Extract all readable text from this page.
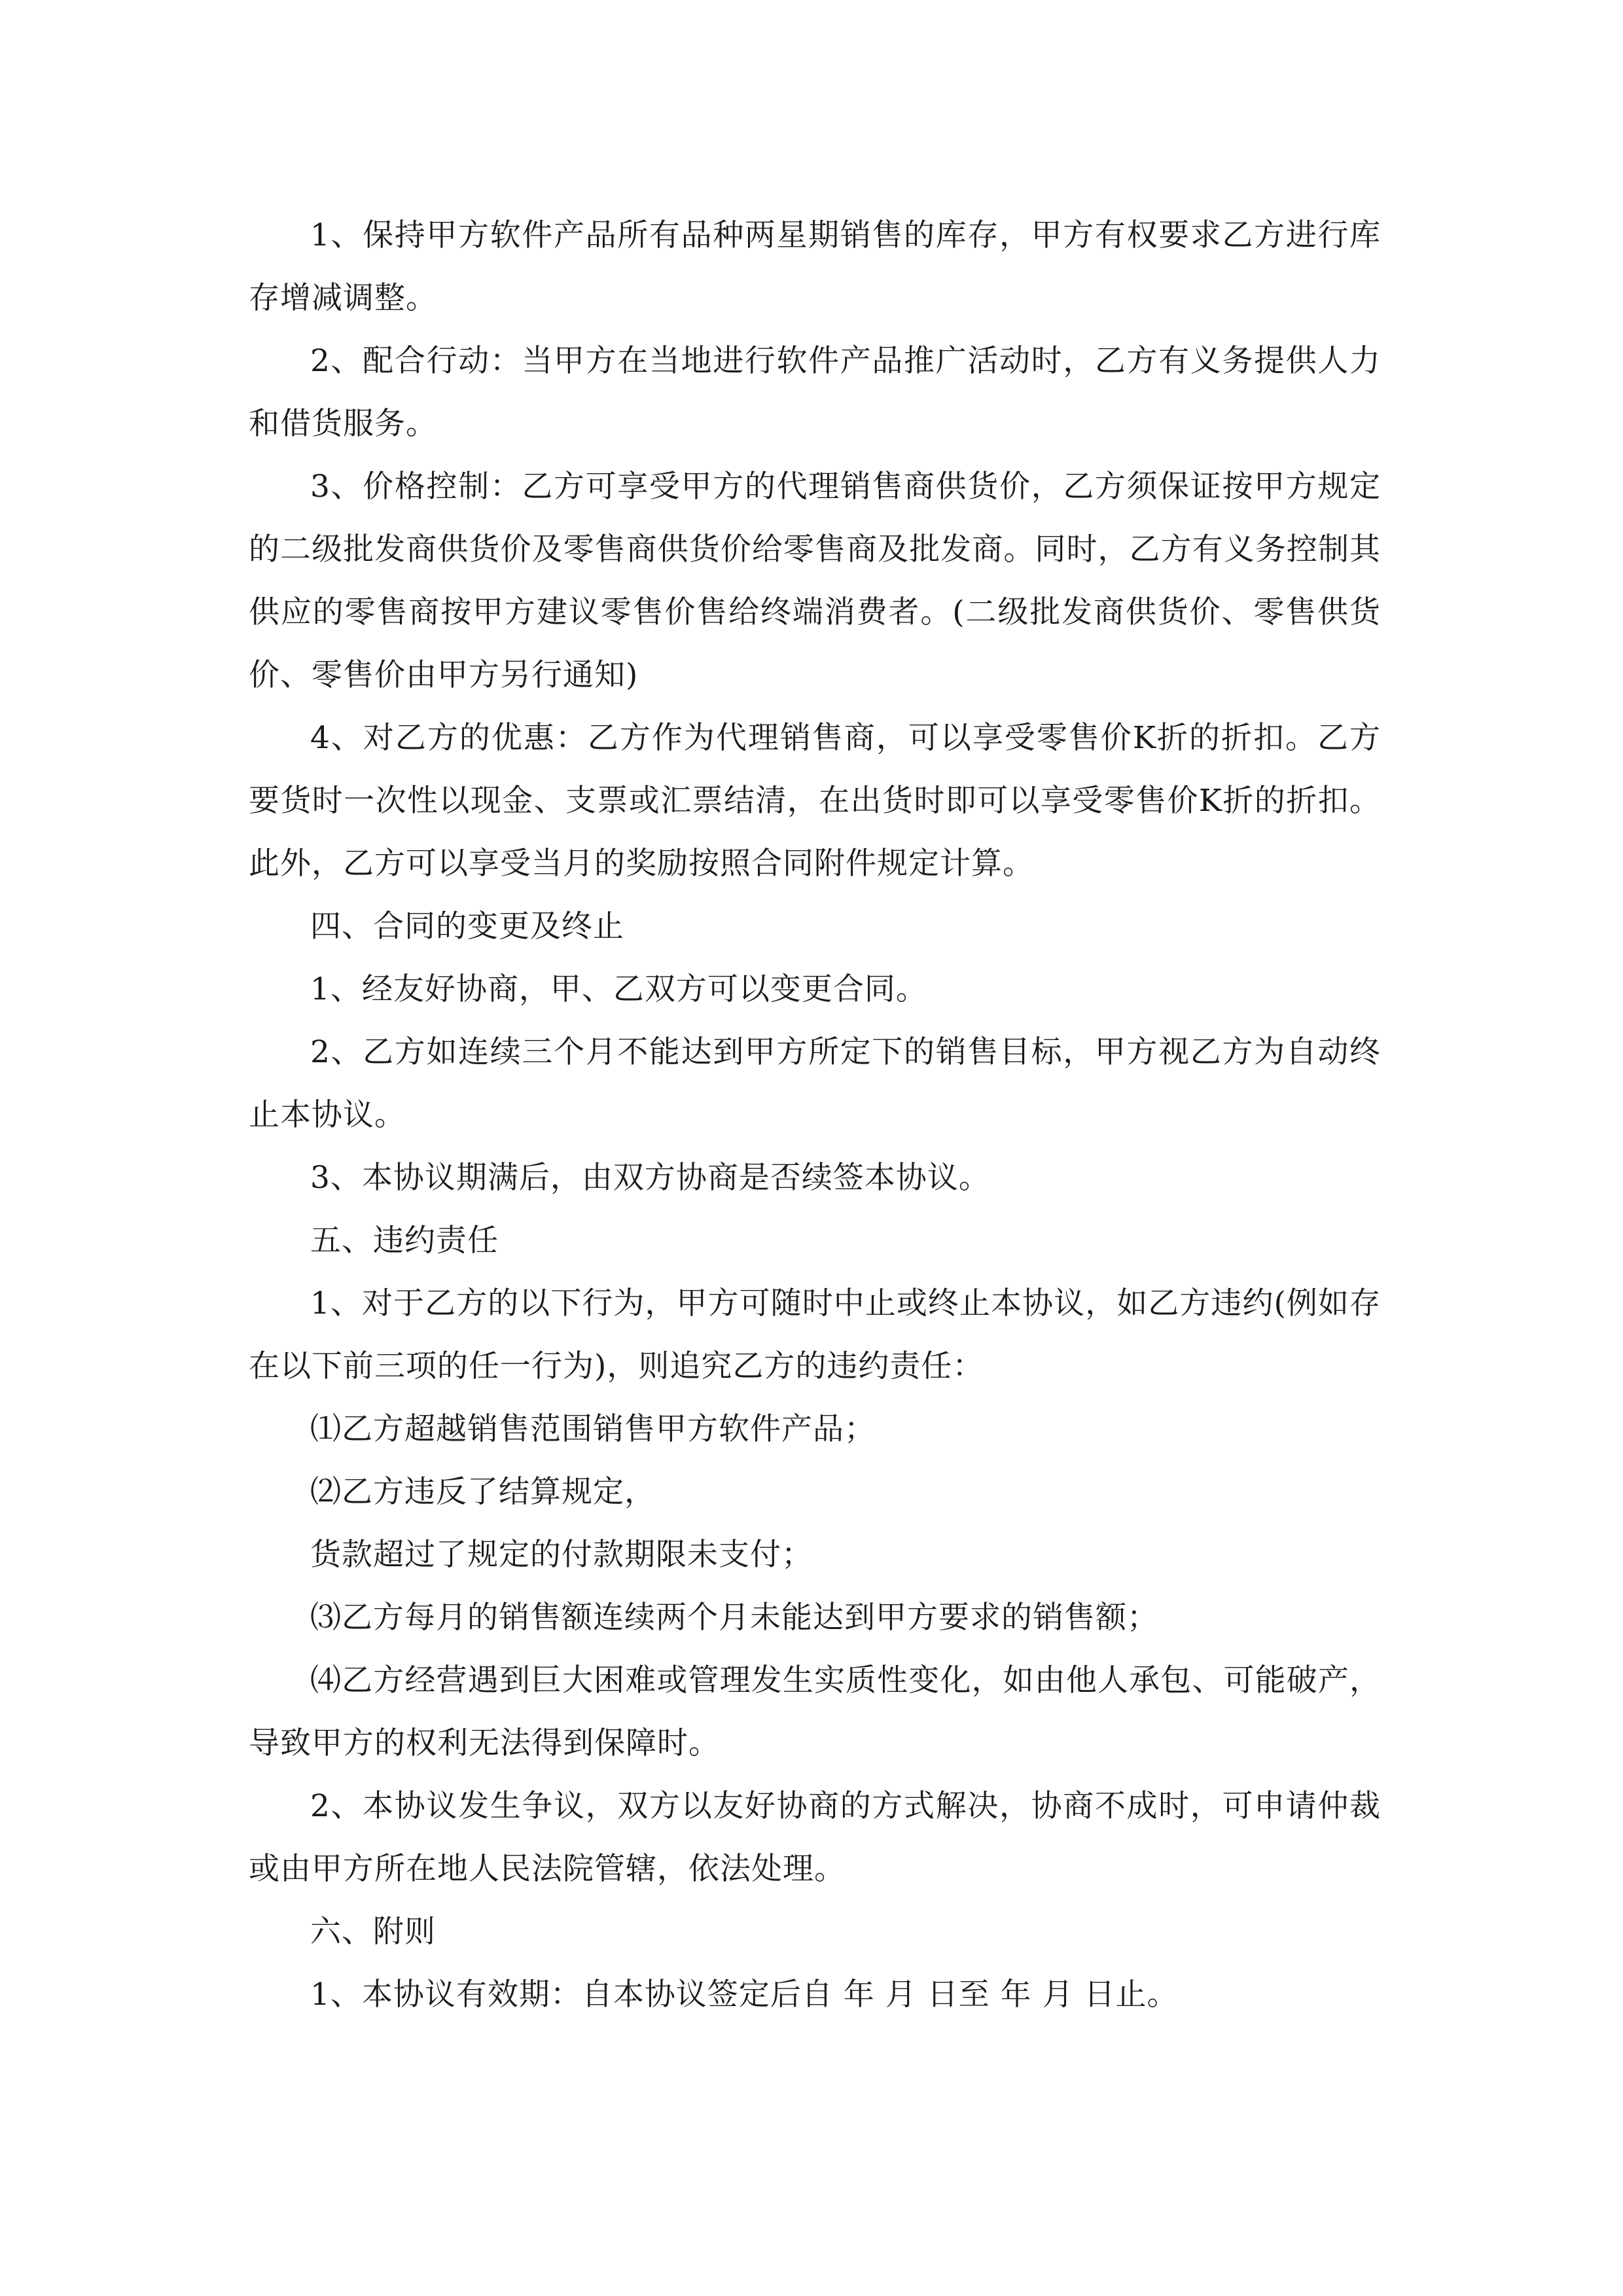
1、保持甲方软件产品所有品种两星期销售的库存，甲方有权要求乙方进行库存增减调整。

2、配合行动：当甲方在当地进行软件产品推广活动时，乙方有义务提供人力和借货服务。

3、价格控制：乙方可享受甲方的代理销售商供货价，乙方须保证按甲方规定的二级批发商供货价及零售商供货价给零售商及批发商。同时，乙方有义务控制其供应的零售商按甲方建议零售价售给终端消费者。(二级批发商供货价、零售供货价、零售价由甲方另行通知)

4、对乙方的优惠：乙方作为代理销售商，可以享受零售价K折的折扣。乙方要货时一次性以现金、支票或汇票结清，在出货时即可以享受零售价K折的折扣。此外，乙方可以享受当月的奖励按照合同附件规定计算。

四、合同的变更及终止

1、经友好协商，甲、乙双方可以变更合同。

2、乙方如连续三个月不能达到甲方所定下的销售目标，甲方视乙方为自动终止本协议。

3、本协议期满后，由双方协商是否续签本协议。

五、违约责任

1、对于乙方的以下行为，甲方可随时中止或终止本协议，如乙方违约(例如存在以下前三项的任一行为)，则追究乙方的违约责任：

⑴乙方超越销售范围销售甲方软件产品；

⑵乙方违反了结算规定，

货款超过了规定的付款期限未支付；

⑶乙方每月的销售额连续两个月未能达到甲方要求的销售额；

⑷乙方经营遇到巨大困难或管理发生实质性变化，如由他人承包、可能破产，导致甲方的权利无法得到保障时。

2、本协议发生争议，双方以友好协商的方式解决，协商不成时，可申请仲裁或由甲方所在地人民法院管辖，依法处理。

六、附则

1、本协议有效期：自本协议签定后自 年 月 日至 年 月 日止。
